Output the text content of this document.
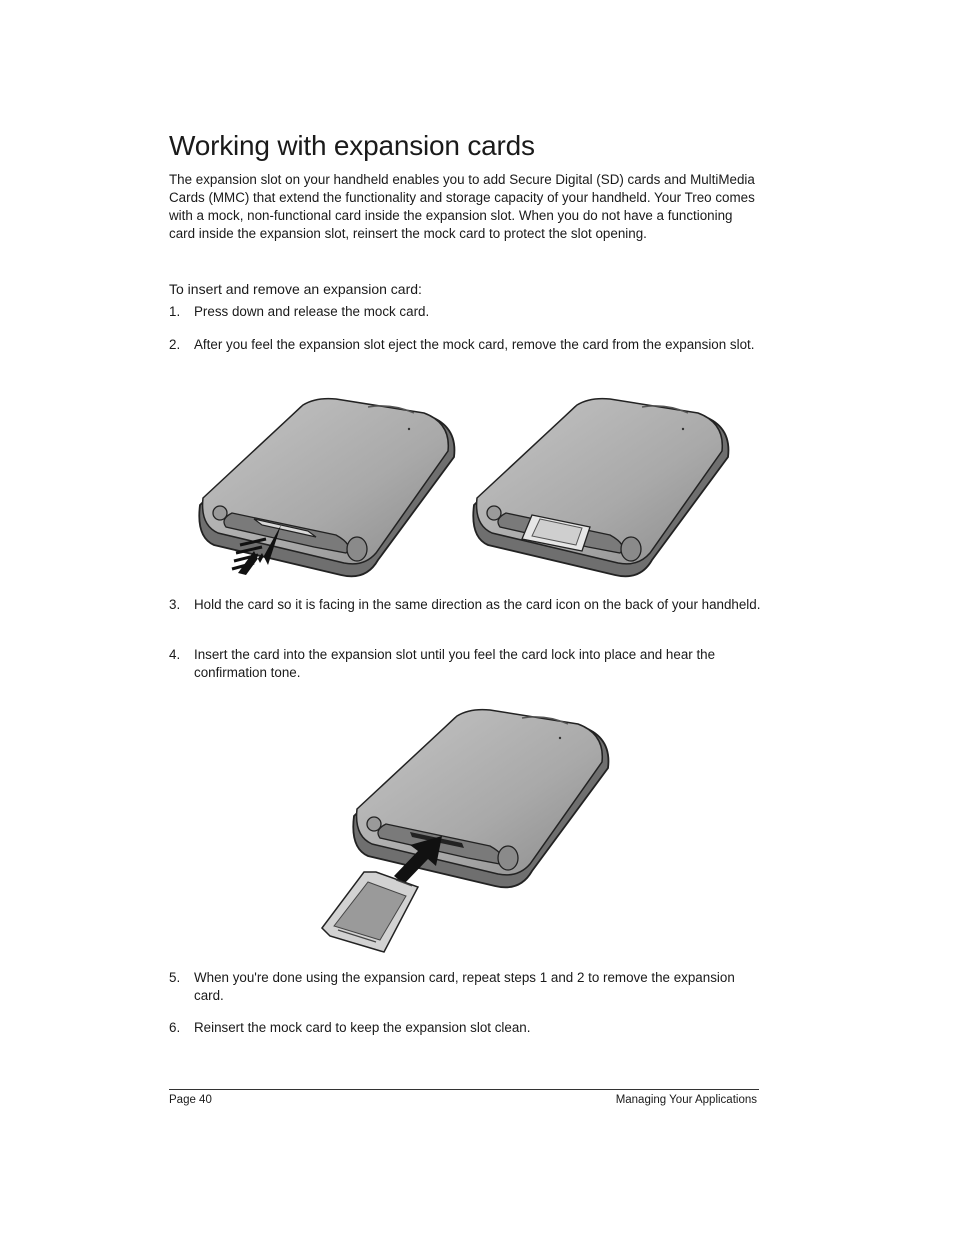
Working with expansion cards

The expansion slot on your handheld enables you to add Secure Digital (SD) cards and MultiMedia Cards (MMC) that extend the functionality and storage capacity of your handheld. Your Treo comes with a mock, non-functional card inside the expansion slot. When you do not have a functioning card inside the expansion slot, reinsert the mock card to protect the slot opening.

To insert and remove an expansion card:
1.	Press down and release the mock card.
2.	After you feel the expansion slot eject the mock card, remove the card from the expansion slot.
3.	Hold the card so it is facing in the same direction as the card icon on the back of your handheld.
4.	Insert the card into the expansion slot until you feel the card lock into place and hear the confirmation tone.
5.	When you're done using the expansion card, repeat steps 1 and 2 to remove the expansion card.
6.	Reinsert the mock card to keep the expansion slot clean.
Page 40	Managing Your Applications
